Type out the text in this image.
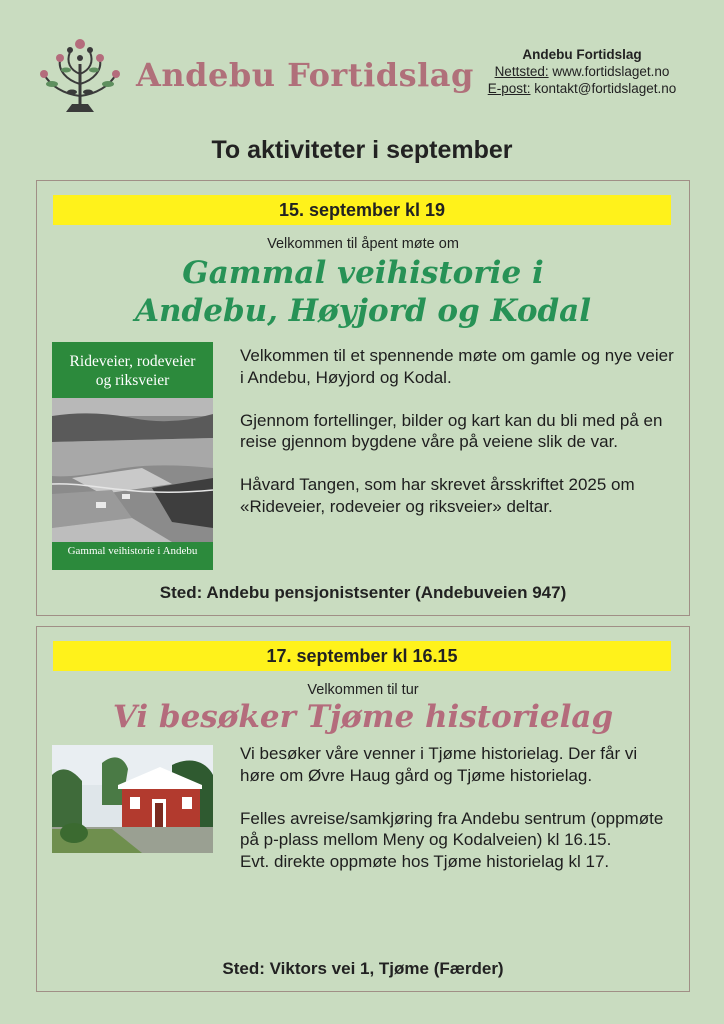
Andebu Fortidslag
Andebu Fortidslag
Nettsted: www.fortidslaget.no
E-post: kontakt@fortidslaget.no
To aktiviteter i september
15. september kl 19
Velkommen til åpent møte om
Gammal veihistorie i
Andebu, Høyjord og Kodal
Rideveier, rodeveier
og riksveier
Gammal veihistorie i Andebu

Velkommen til et spennende møte om gamle og nye veier i Andebu, Høyjord og Kodal.

Gjennom fortellinger, bilder og kart kan du bli med på en reise gjennom bygdene våre på veiene slik de var.

Håvard Tangen, som har skrevet årsskriftet 2025 om «Rideveier, rodeveier og riksveier» deltar.

Sted: Andebu pensjonistsenter (Andebuveien 947)
17. september kl 16.15
Velkommen til tur
Vi besøker Tjøme historielag

Vi besøker våre venner i Tjøme historielag. Der får vi høre om Øvre Haug gård og Tjøme historielag.

Felles avreise/samkjøring fra Andebu sentrum (oppmøte på p-plass mellom Meny og Kodalveien) kl 16.15.

Evt. direkte oppmøte hos Tjøme historielag kl 17.

Sted: Viktors vei 1, Tjøme (Færder)
